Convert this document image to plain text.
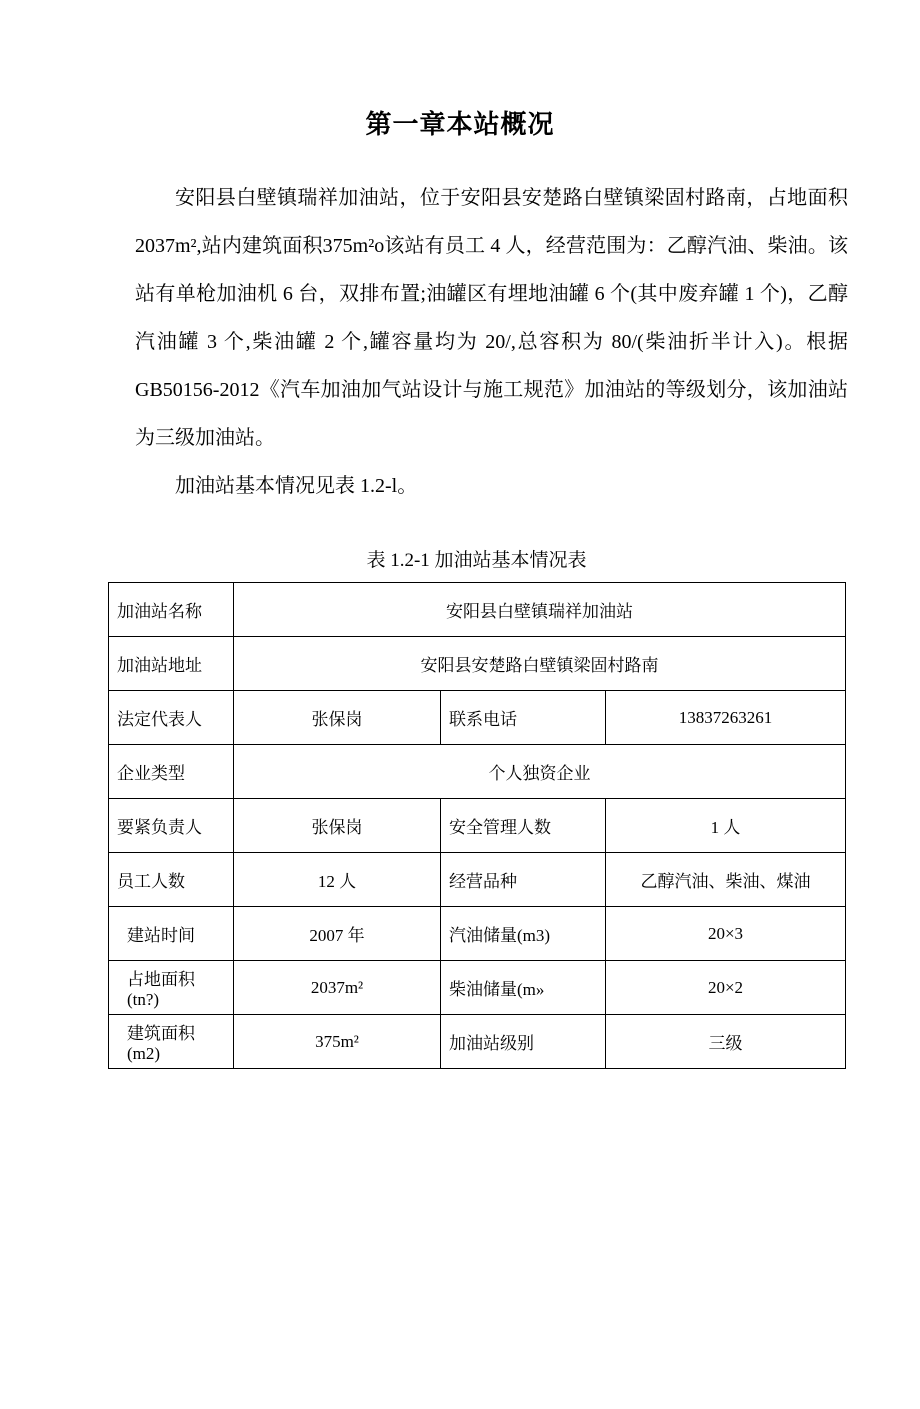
第一章本站概况

安阳县白壁镇瑞祥加油站，位于安阳县安楚路白壁镇梁固村路南，占地面积2037m²,站内建筑面积375m²o该站有员工 4 人，经营范围为：乙醇汽油、柴油。该站有单枪加油机 6 台，双排布置;油罐区有埋地油罐 6 个(其中废弃罐 1 个)，乙醇汽油罐 3 个,柴油罐 2 个,罐容量均为 20/,总容积为 80/(柴油折半计入)。根据 GB50156-2012《汽车加油加气站设计与施工规范》加油站的等级划分，该加油站为三级加油站。

加油站基本情况见表 1.2-l。

表 1.2-1 加油站基本情况表
加油站名称	安阳县白壁镇瑞祥加油站		
加油站地址	安阳县安楚路白壁镇梁固村路南		
法定代表人	张保岗	联系电话	13837263261
企业类型	个人独资企业		
要紧负责人	张保岗	安全管理人数	1 人
员工人数	12 人	经营品种	乙醇汽油、柴油、煤油
建站时间	2007 年	汽油储量(m3)	20×3
占地面积(tn?)	2037m²	柴油储量(m»	20×2
建筑面积(m2)	375m²	加油站级别	三级
